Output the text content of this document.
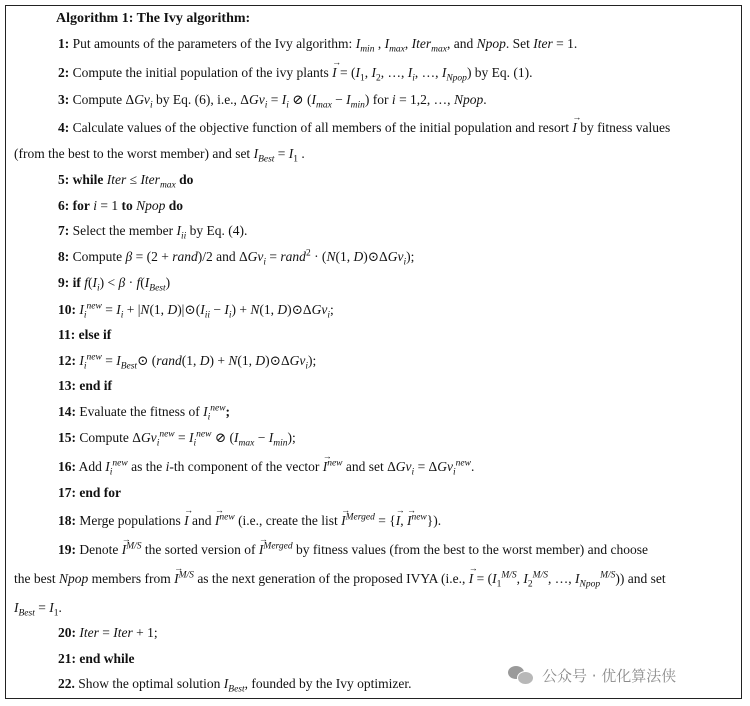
Algorithm 1: The Ivy algorithm:
1: Put amounts of the parameters of the Ivy algorithm: $I_{min}$ , $I_{max}$, Iter$_{max}$, and Npop. Set Iter = 1.
2: Compute the initial population of the ivy plants → $I = (I_1$, $I_2$, …, $I_i$, …, $I_{Npop}$) by Eq. (1).
3: Compute ΔGv$_i$ by Eq. (6), i.e., $\Delta Gv_i = I_i$ ⊘ $(I_{max} - I_{min})$ for i = 1,2, …, Npop.
4: Calculate values of the objective function of all members of the initial population and resort → I by fitness values
(from the best to the worst member) and set $I_{Best} = I_1$ .
5: while Iter ≤ Iter$_{max}$ do
6: for i = 1 to Npop do
7: Select the member $I_{ii}$ by Eq. (4).
8: Compute β = (2 + rand)/2 and ΔGv$_i$ = rand$^2$ · (N(1, D)⊙ΔGv$_i$);
9: if $f(I_i) < \beta \cdot f(I_{Best})$
10: $I_i^{new} = I_i + |N(1$, $D)|⊙(I_{ii} - I_i) + N(1$, D)⊙ΔGv$_i$;
11: else if
12: $I_i^{new}$ = $I_{Best}⊙$ (rand(1, D) + N(1, D)⊙ΔGv$_i$);
13: end if
14: Evaluate the fitness of $I_i^{new}$;
15: Compute $\Delta Gv_i^{new} = I_i^{new}$ ⊘ $(I_{max} - I_{min})$;
16: Add $I_i^{new}$ as the i-th component of the vector → $I^{new}$ and set ΔGv$_i$ = ΔGv$_i^{new}$.
17: end for
18: Merge populations → I and → $I^{new}$ (i.e., create the list → $I^{Merged}$ = {→ I, → $I^{new}$}).
19: Denote → $I^{M/S}$ the sorted version of → $I^{Merged}$ by fitness values (from the best to the worst member) and choose
the best Npop members from → $I^{M/S}$ as the next generation of the proposed IVYA (i.e., → $I = (I_1^{M/S}$, $I_2^{M/S}$, …, $I_{Npop}^{M/S}$)) and set
$I_{Best} = I_1$.
20: Iter = Iter + 1;
21: end while
22. Show the optimal solution $I_{Best}$, founded by the Ivy optimizer.	公众号 · 优化算法侠
